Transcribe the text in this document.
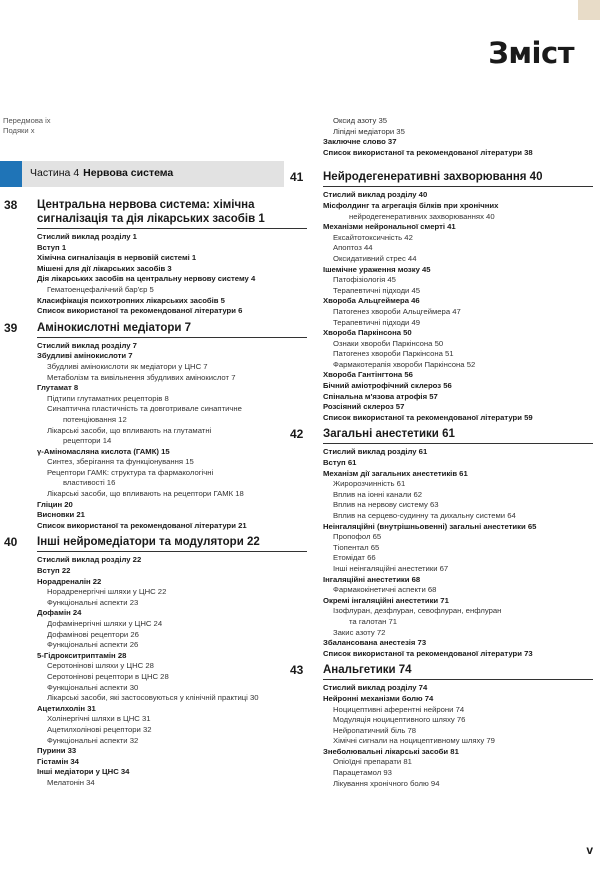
Зміст
Передмова ix
Подяки x
Частина 4 Нервова система
38 Центральна нервова система: хімічна сигналізація та дія лікарських засобів 1
Стислий виклад розділу 1
Вступ 1
Хімічна сигналізація в нервовій системі 1
Мішені для дії лікарських засобів 3
Дія лікарських засобів на центральну нервову систему 4
Гематоенцефалічний бар'єр 5
Класифікація психотропних лікарських засобів 5
Список використаної та рекомендованої літератури 6
39 Амінокислотні медіатори 7
Стислий виклад розділу 7
Збудливі амінокислоти 7
Збудливі амінокислоти як медіатори у ЦНС 7
Метаболізм та вивільнення збудливих амінокислот 7
Глутамат 8
Підтипи глутаматних рецепторів 8
Синаптична пластичність та довготривале синаптичне
потенціювання 12
Лікарські засоби, що впливають на глутаматні
рецептори 14
γ-Аміномасляна кислота (ГАМК) 15
Синтез, зберігання та функціонування 15
Рецептори ГАМК: структура та фармакологічні
властивості 16
Лікарські засоби, що впливають на рецептори ГАМК 18
Гліцин 20
Висновки 21
Список використаної та рекомендованої літератури 21
40 Інші нейромедіатори та модулятори 22
Стислий виклад розділу 22
Вступ 22
Норадреналін 22
Норадренергічні шляхи у ЦНС 22
Функціональні аспекти 23
Дофамін 24
Дофамінергічні шляхи у ЦНС 24
Дофамінові рецептори 26
Функціональні аспекти 26
5-Гідрокситриптамін 28
Серотонінові шляхи у ЦНС 28
Серотонінові рецептори в ЦНС 28
Функціональні аспекти 30
Лікарські засоби, які застосовуються у клінічній практиці 30
Ацетилхолін 31
Холінергічні шляхи в ЦНС 31
Ацетилхолінові рецептори 32
Функціональні аспекти 32
Пурини 33
Гістамін 34
Інші медіатори у ЦНС 34
Мелатонін 34
Оксид азоту 35
Ліпідні медіатори 35
Заключне слово 37
Список використаної та рекомендованої літератури 38
41 Нейродегенеративні захворювання 40
Стислий виклад розділу 40
Місфолдинг та агрегація білків при хронічних
нейродегенеративних захворюваннях 40
Механізми нейрональної смерті 41
Ексайтотоксичність 42
Апоптоз 44
Оксидативний стрес 44
Ішемічне ураження мозку 45
Патофізіологія 45
Терапевтичні підходи 45
Хвороба Альцгеймера 46
Патогенез хвороби Альцгеймера 47
Терапевтичні підходи 49
Хвороба Паркінсона 50
Ознаки хвороби Паркінсона 50
Патогенез хвороби Паркінсона 51
Фармакотерапія хвороби Паркінсона 52
Хвороба Гантінгтона 56
Бічний аміотрофічний склероз 56
Спінальна м'язова атрофія 57
Розсіяний склероз 57
Список використаної та рекомендованої літератури 59
42 Загальні анестетики 61
Стислий виклад розділу 61
Вступ 61
Механізм дії загальних анестетиків 61
Жиророзчинність 61
Вплив на іонні канали 62
Вплив на нервову систему 63
Вплив на серцево-судинну та дихальну системи 64
Неінгаляційні (внутрішньовенні) загальні анестетики 65
Пропофол 65
Тіопентал 65
Етомідат 66
Інші неінгаляційні анестетики 67
Інгаляційні анестетики 68
Фармакокінетичні аспекти 68
Окремі інгаляційні анестетики 71
Ізофлуран, дезфлуран, севофлуран, енфлуран
та галотан 71
Закис азоту 72
Збалансована анестезія 73
Список використаної та рекомендованої літератури 73
43 Анальгетики 74
Стислий виклад розділу 74
Нейронні механізми болю 74
Ноцицептивні аферентні нейрони 74
Модуляція ноцицептивного шляху 76
Нейропатичний біль 78
Хімічні сигнали на ноцицептивному шляху 79
Знеболювальні лікарські засоби 81
Опіоїдні препарати 81
Парацетамол 93
Лікування хронічного болю 94
v
